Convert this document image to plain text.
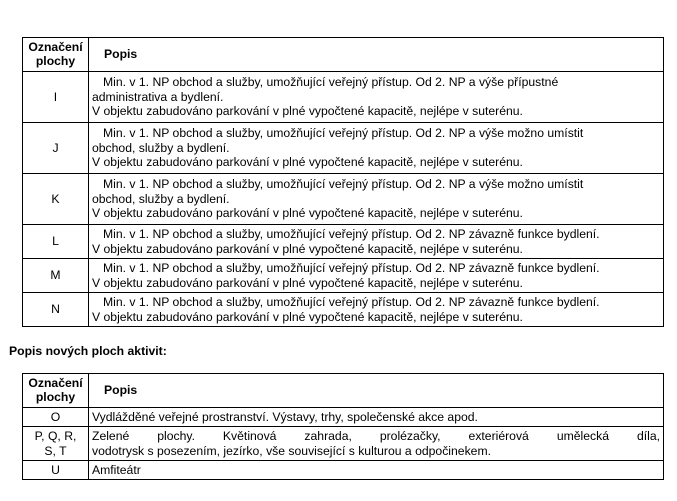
Označení
plochy	Popis
I	Min. v 1. NP obchod a služby, umožňující veřejný přístup. Od 2. NP a výše přípustné
administrativa a bydlení.
V objektu zabudováno parkování v plné vypočtené kapacitě, nejlépe v suterénu.

J	Min. v 1. NP obchod a služby, umožňující veřejný přístup. Od 2. NP a výše možno umístit
obchod, služby a bydlení.
V objektu zabudováno parkování v plné vypočtené kapacitě, nejlépe v suterénu.

K	Min. v 1. NP obchod a služby, umožňující veřejný přístup. Od 2. NP a výše možno umístit
obchod, služby a bydlení.
V objektu zabudováno parkování v plné vypočtené kapacitě, nejlépe v suterénu.

L	Min. v 1. NP obchod a služby, umožňující veřejný přístup. Od 2. NP závazně funkce bydlení.
V objektu zabudováno parkování v plné vypočtené kapacitě, nejlépe v suterénu.

M	Min. v 1. NP obchod a služby, umožňující veřejný přístup. Od 2. NP závazně funkce bydlení.
V objektu zabudováno parkování v plné vypočtené kapacitě, nejlépe v suterénu.

N	Min. v 1. NP obchod a služby, umožňující veřejný přístup. Od 2. NP závazně funkce bydlení.
V objektu zabudováno parkování v plné vypočtené kapacitě, nejlépe v suterénu.
Popis nových ploch aktivit:
Označení
plochy	Popis
O	Vydlážděné veřejné prostranství. Výstavy, trhy, společenské akce apod.

P, Q, R,
S, T	Zelené plochy. Květinová zahrada, prolézačky, exteriérová umělecká díla,
vodotrysk s posezením, jezírko, vše související s kulturou a odpočinekem.

U	Amfiteátr
